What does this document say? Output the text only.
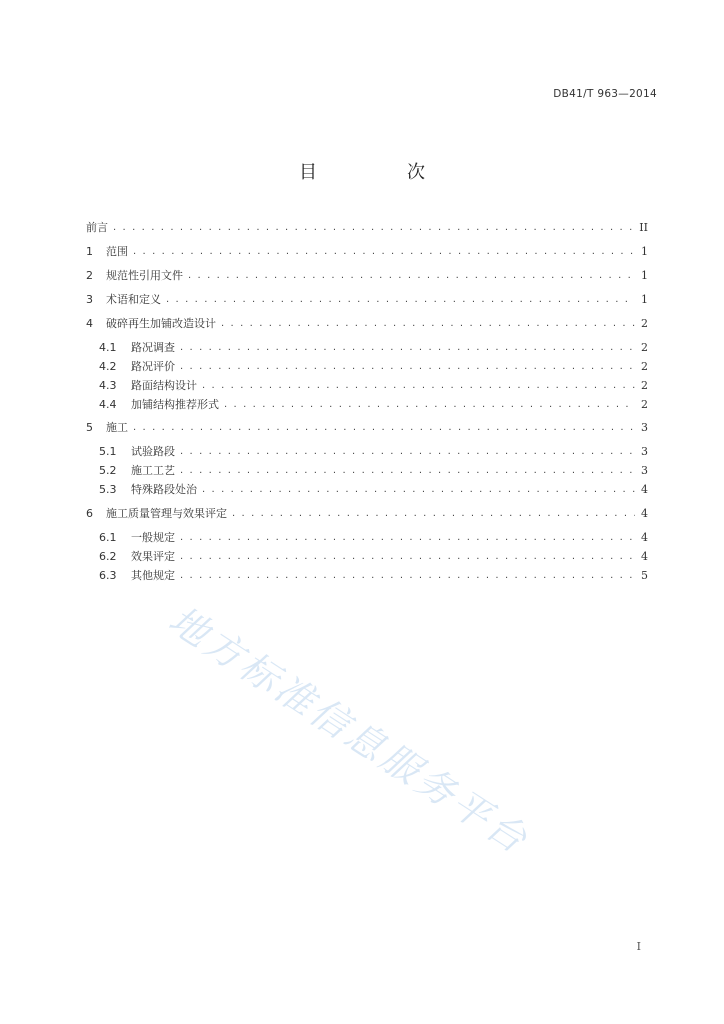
DB41/T 963—2014
目　次
前言 . . .	II
1	范围 . . .	1
2	规范性引用文件 . . .	1
3	术语和定义 . . .	1
4	破碎再生加铺改造设计 . . .	2
4.1	路况调查 . . .	2
4.2	路况评价 . . .	2
4.3	路面结构设计 . . .	2
4.4	加铺结构推荐形式 . . .	2
5	施工 . . .	3
5.1	试验路段 . . .	3
5.2	施工工艺 . . .	3
5.3	特殊路段处治 . . .	4
6	施工质量管理与效果评定 . . .	4
6.1	一般规定 . . .	4
6.2	效果评定 . . .	4
6.3	其他规定 . . .	5
地方标准信息服务平台
I
